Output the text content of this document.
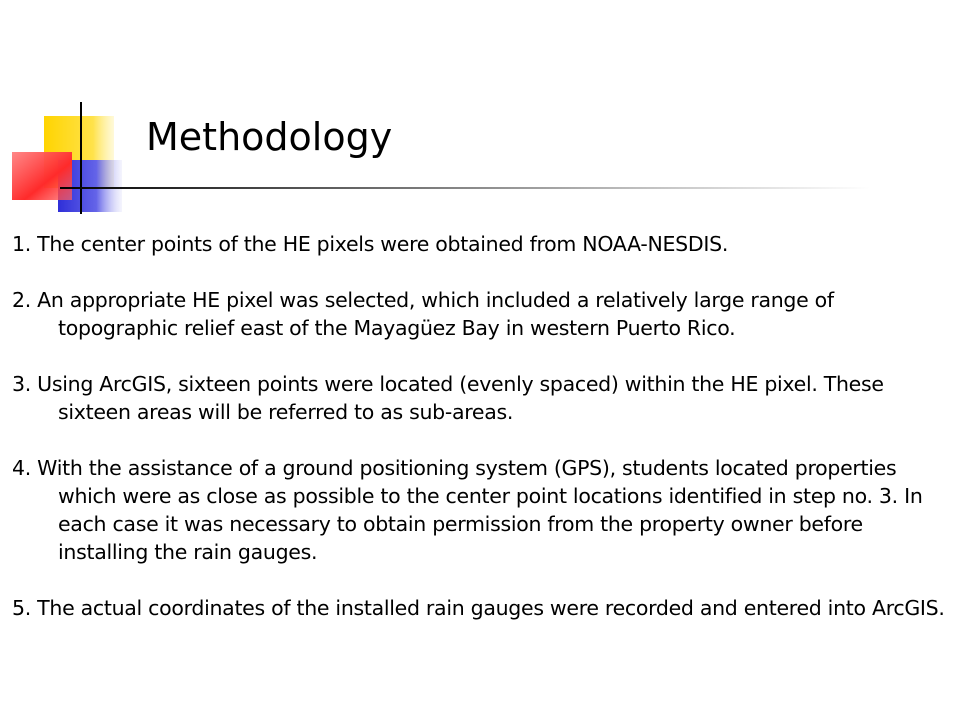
Methodology

1. The center points of the HE pixels were obtained from NOAA-NESDIS.

2. An appropriate HE pixel was selected, which included a relatively large range of topographic relief east of the Mayagüez Bay in western Puerto Rico.

3. Using ArcGIS, sixteen points were located (evenly spaced) within the HE pixel. These sixteen areas will be referred to as sub-areas.

4. With the assistance of a ground positioning system (GPS), students located properties which were as close as possible to the center point locations identified in step no. 3. In each case it was necessary to obtain permission from the property owner before installing the rain gauges.

5. The actual coordinates of the installed rain gauges were recorded and entered into ArcGIS.
